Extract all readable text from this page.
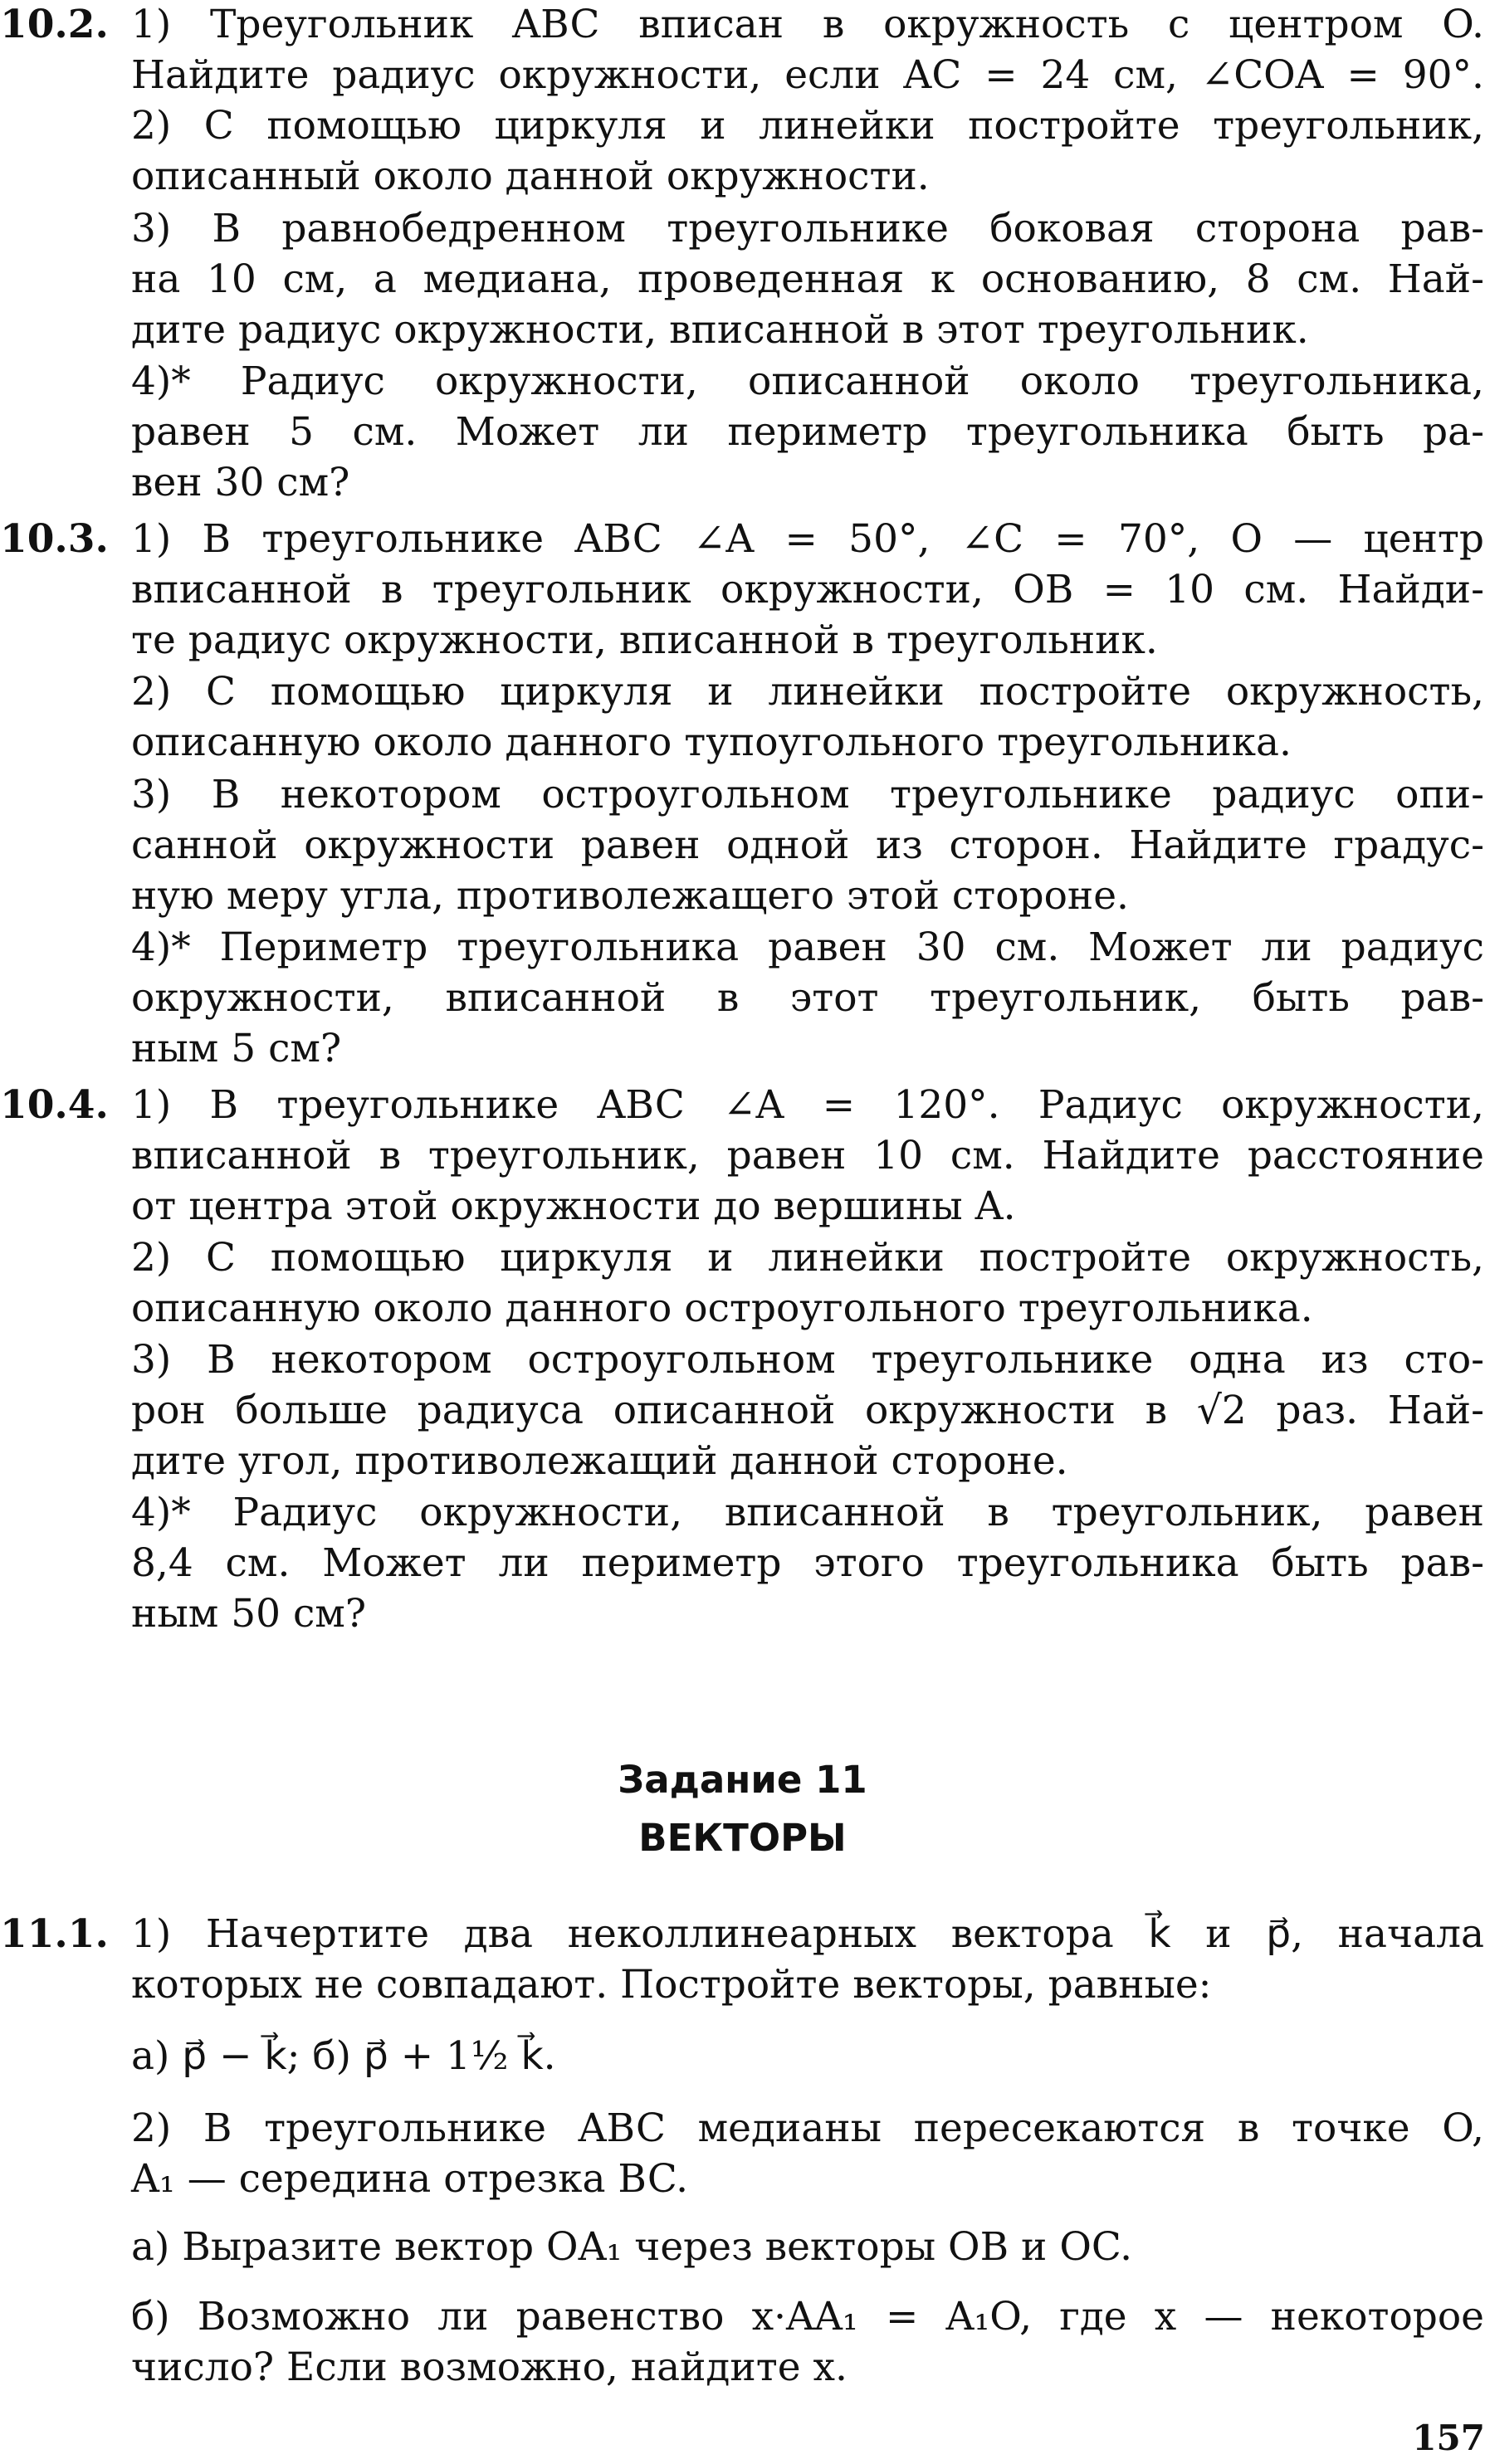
10.2. 1) Треугольник ABC вписан в окружность с центром O.
Найдите радиус окружности, если AC = 24 см, ∠COA = 90°.
2) С помощью циркуля и линейки постройте треугольник,
описанный около данной окружности.
3) В равнобедренном треугольнике боковая сторона рав-
на 10 см, а медиана, проведенная к основанию, 8 см. Най-
дите радиус окружности, вписанной в этот треугольник.
4)* Радиус окружности, описанной около треугольника,
равен 5 см. Может ли периметр треугольника быть ра-
вен 30 см?
10.3. 1) В треугольнике ABC ∠A = 50°, ∠C = 70°, O — центр
вписанной в треугольник окружности, OB = 10 см. Найди-
те радиус окружности, вписанной в треугольник.
2) С помощью циркуля и линейки постройте окружность,
описанную около данного тупоугольного треугольника.
3) В некотором остроугольном треугольнике радиус опи-
санной окружности равен одной из сторон. Найдите градус-
ную меру угла, противолежащего этой стороне.
4)* Периметр треугольника равен 30 см. Может ли радиус
окружности, вписанной в этот треугольник, быть рав-
ным 5 см?
10.4. 1) В треугольнике ABC ∠A = 120°. Радиус окружности,
вписанной в треугольник, равен 10 см. Найдите расстояние
от центра этой окружности до вершины A.
2) С помощью циркуля и линейки постройте окружность,
описанную около данного остроугольного треугольника.
3) В некотором остроугольном треугольнике одна из сто-
рон больше радиуса описанной окружности в √2 раз. Най-
дите угол, противолежащий данной стороне.
4)* Радиус окружности, вписанной в треугольник, равен
8,4 см. Может ли периметр этого треугольника быть рав-
ным 50 см?
Задание 11
ВЕКТОРЫ
11.1. 1) Начертите два неколлинеарных вектора k⃗ и p⃗, начала
которых не совпадают. Постройте векторы, равные:
а) p⃗ − k⃗; б) p⃗ + 1½ k⃗.
2) В треугольнике ABC медианы пересекаются в точке O,
A₁ — середина отрезка BC.
а) Выразите вектор OA₁ через векторы OB и OC.
б) Возможно ли равенство x·AA₁ = A₁O, где x — некоторое
число? Если возможно, найдите x.
157
